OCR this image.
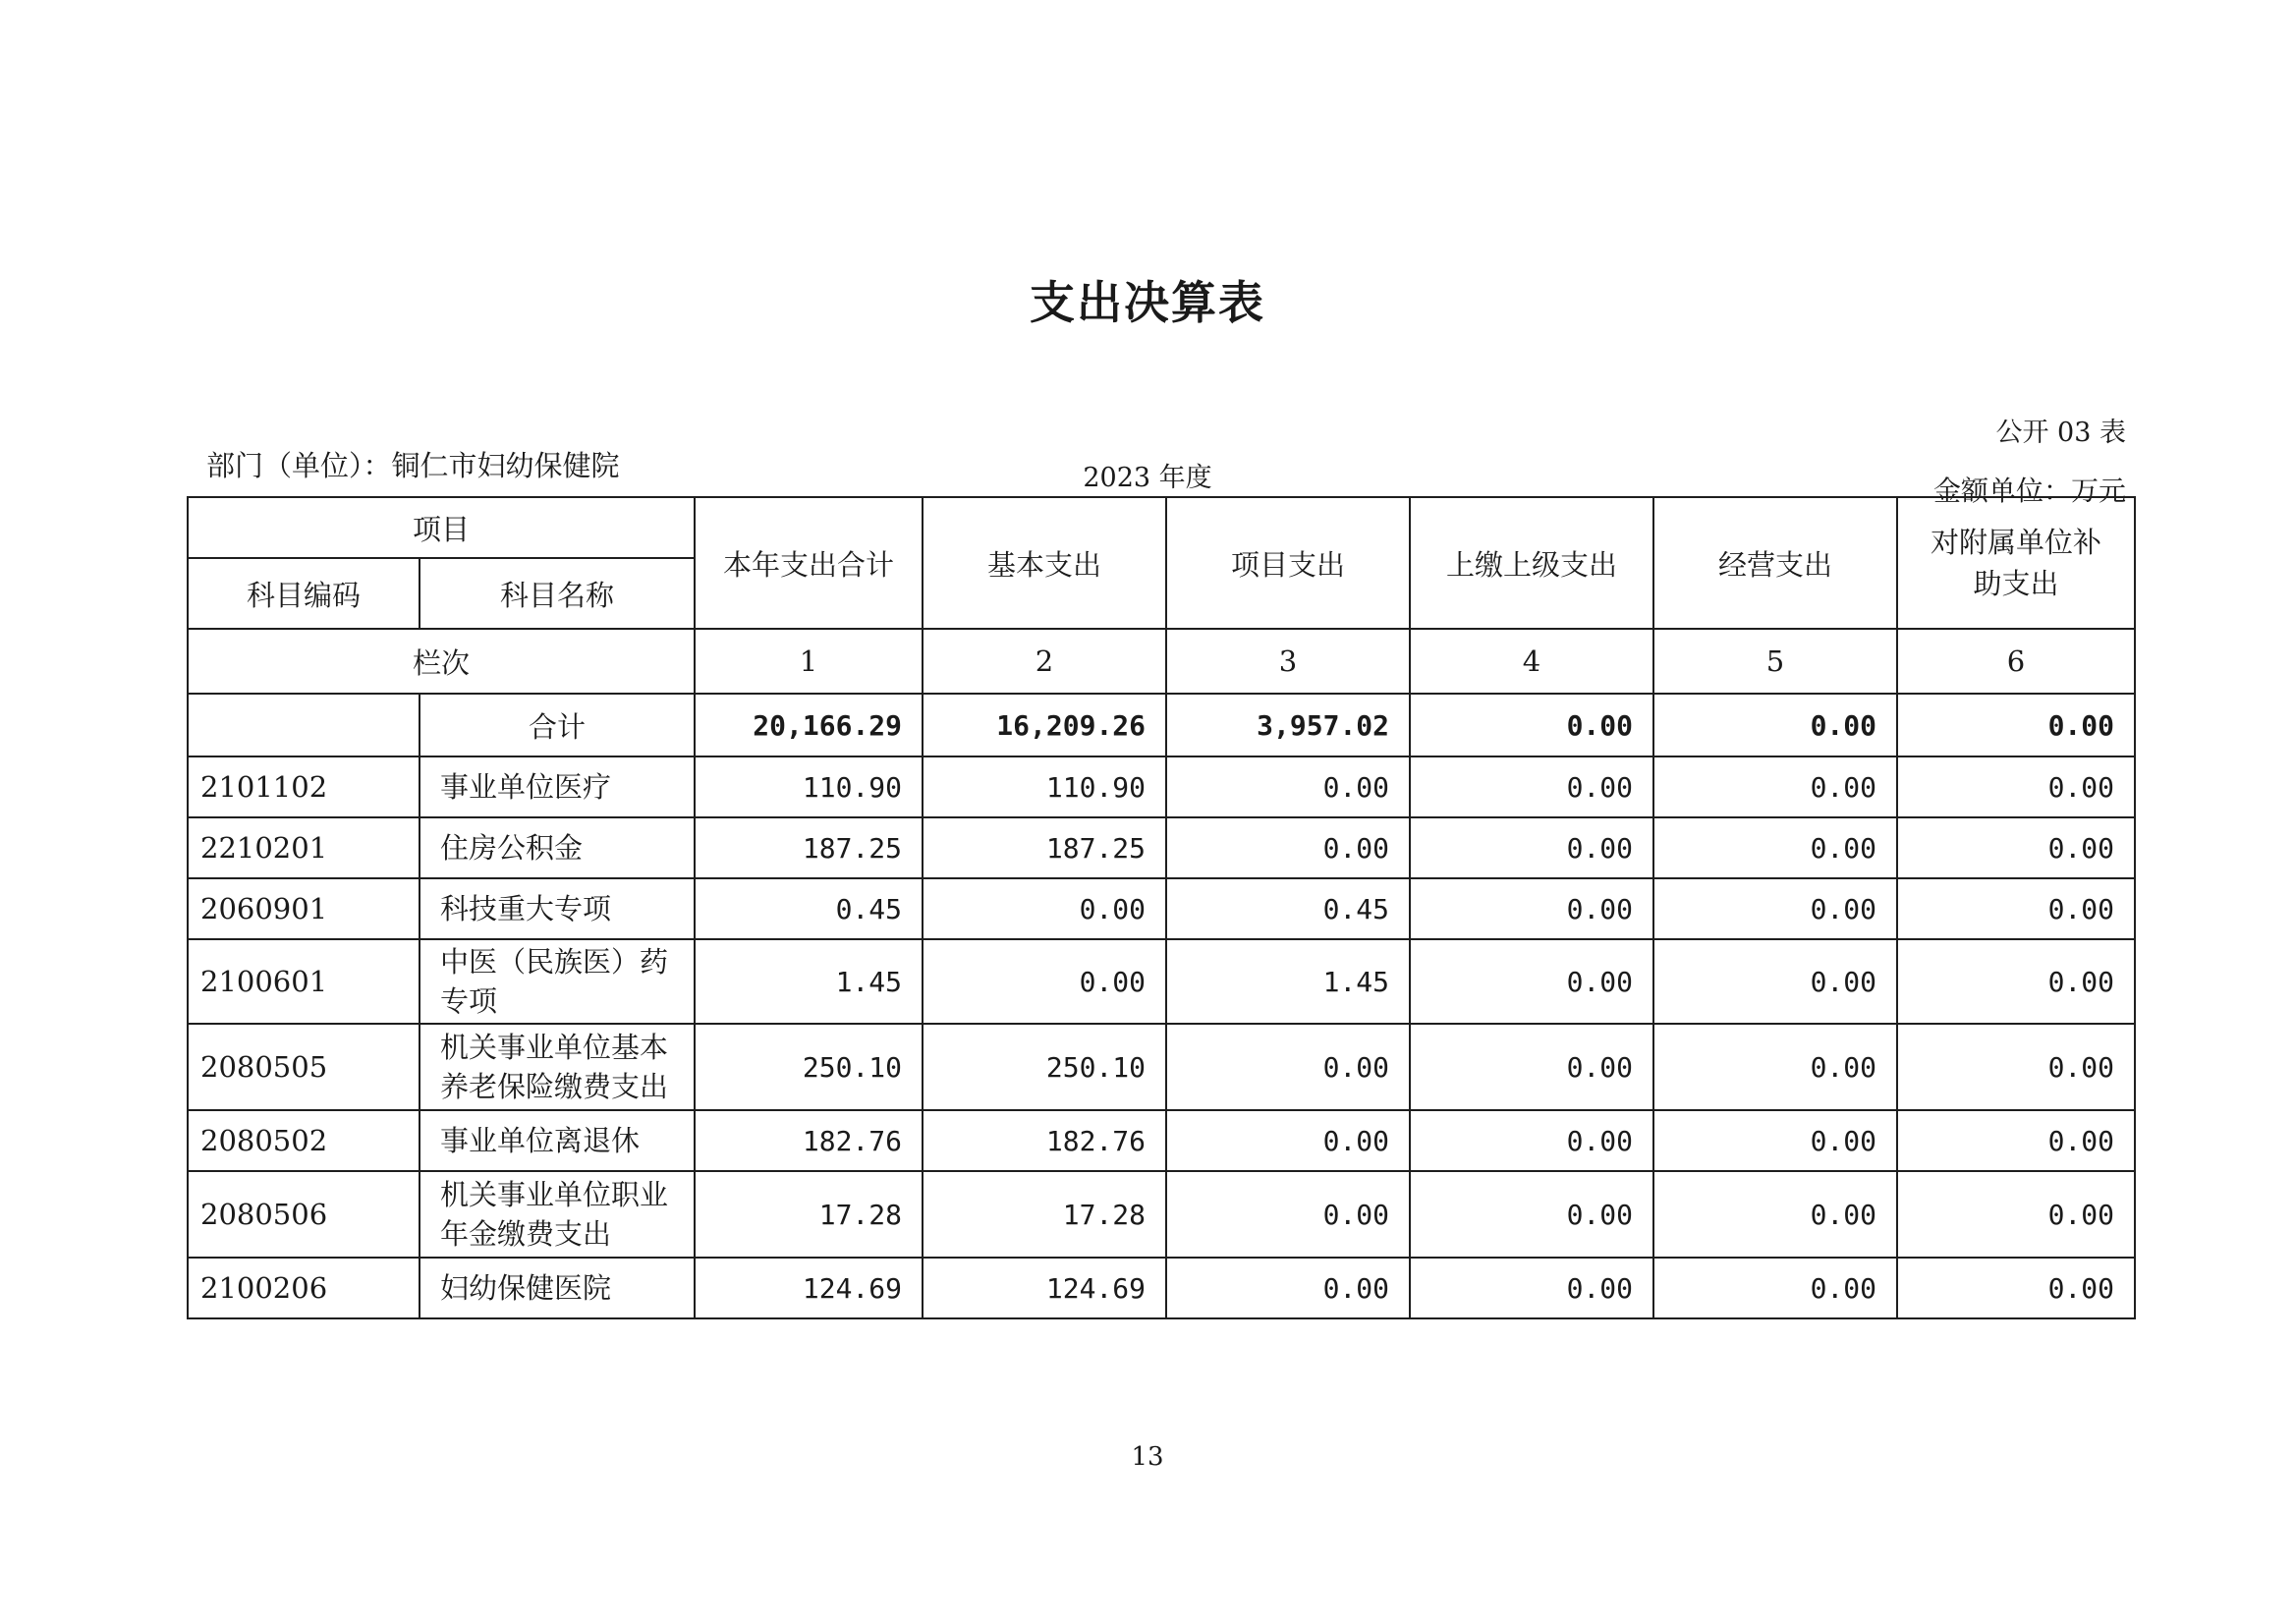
支出决算表
公开 03 表
部门（单位）：铜仁市妇幼保健院	2023 年度	金额单位：万元
项目		本年支出合计	基本支出	项目支出	上缴上级支出	经营支出	对附属单位补助支出
科目编码	科目名称						
栏次		1	2	3	4	5	6
	合计	20,166.29	16,209.26	3,957.02	0.00	0.00	0.00
2101102	事业单位医疗	110.90	110.90	0.00	0.00	0.00	0.00
2210201	住房公积金	187.25	187.25	0.00	0.00	0.00	0.00
2060901	科技重大专项	0.45	0.00	0.45	0.00	0.00	0.00
2100601	中医（民族医）药专项	1.45	0.00	1.45	0.00	0.00	0.00
2080505	机关事业单位基本养老保险缴费支出	250.10	250.10	0.00	0.00	0.00	0.00
2080502	事业单位离退休	182.76	182.76	0.00	0.00	0.00	0.00
2080506	机关事业单位职业年金缴费支出	17.28	17.28	0.00	0.00	0.00	0.00
2100206	妇幼保健医院	124.69	124.69	0.00	0.00	0.00	0.00
13
